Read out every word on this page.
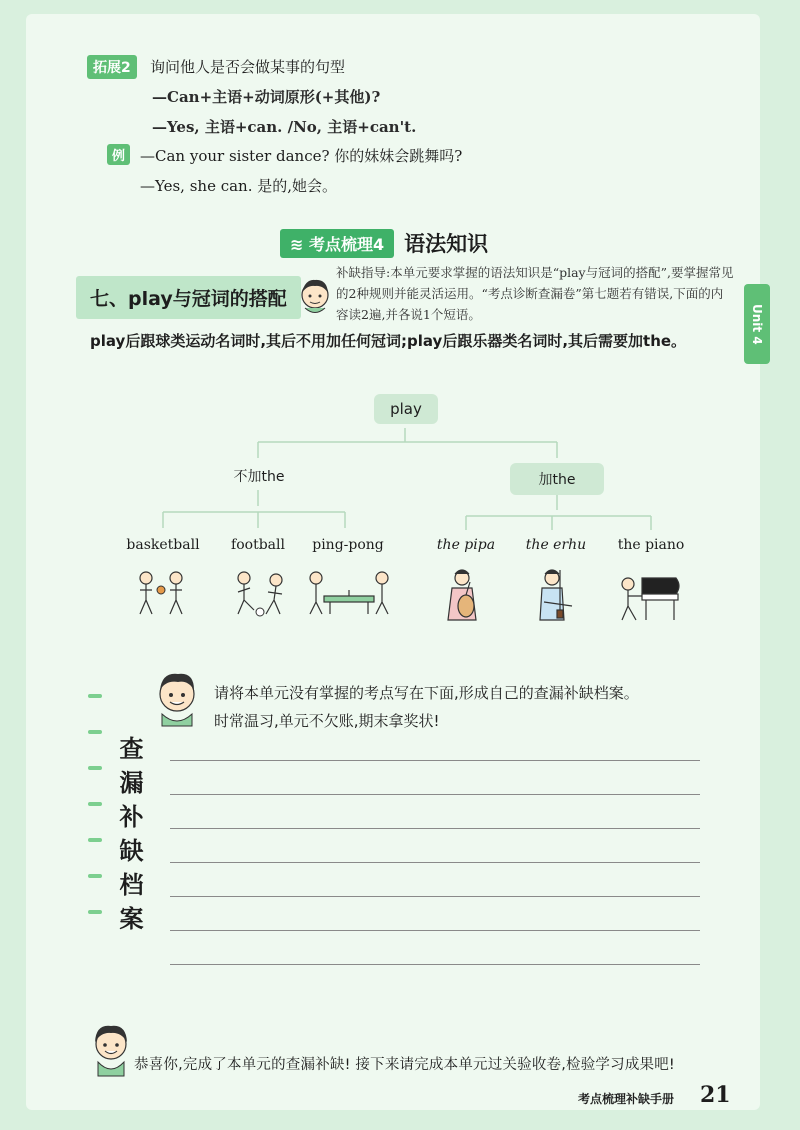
Unit 4
拓展2	询问他人是否会做某事的句型
—Can+主语+动词原形(+其他)?
—Yes, 主语+can. /No, 主语+can't.
例 —Can your sister dance? 你的妹妹会跳舞吗?
—Yes, she can. 是的,她会。
≋ 考点梳理4 语法知识
七、play与冠词的搭配
补缺指导:本单元要求掌握的语法知识是“play与冠词的搭配”,要掌握常见的2种规则并能灵活运用。“考点诊断查漏卷”第七题若有错误,下面的内容读2遍,并各说1个短语。
play后跟球类运动名词时,其后不用加任何冠词;play后跟乐器类名词时,其后需要加the。
play
不加the	加the
basketball	football	ping-pong	the pipa	the erhu	the piano
查漏补缺档案
请将本单元没有掌握的考点写在下面,形成自己的查漏补缺档案。
时常温习,单元不欠账,期末拿奖状!
恭喜你,完成了本单元的查漏补缺! 接下来请完成本单元过关验收卷,检验学习成果吧!
考点梳理补缺手册 21
